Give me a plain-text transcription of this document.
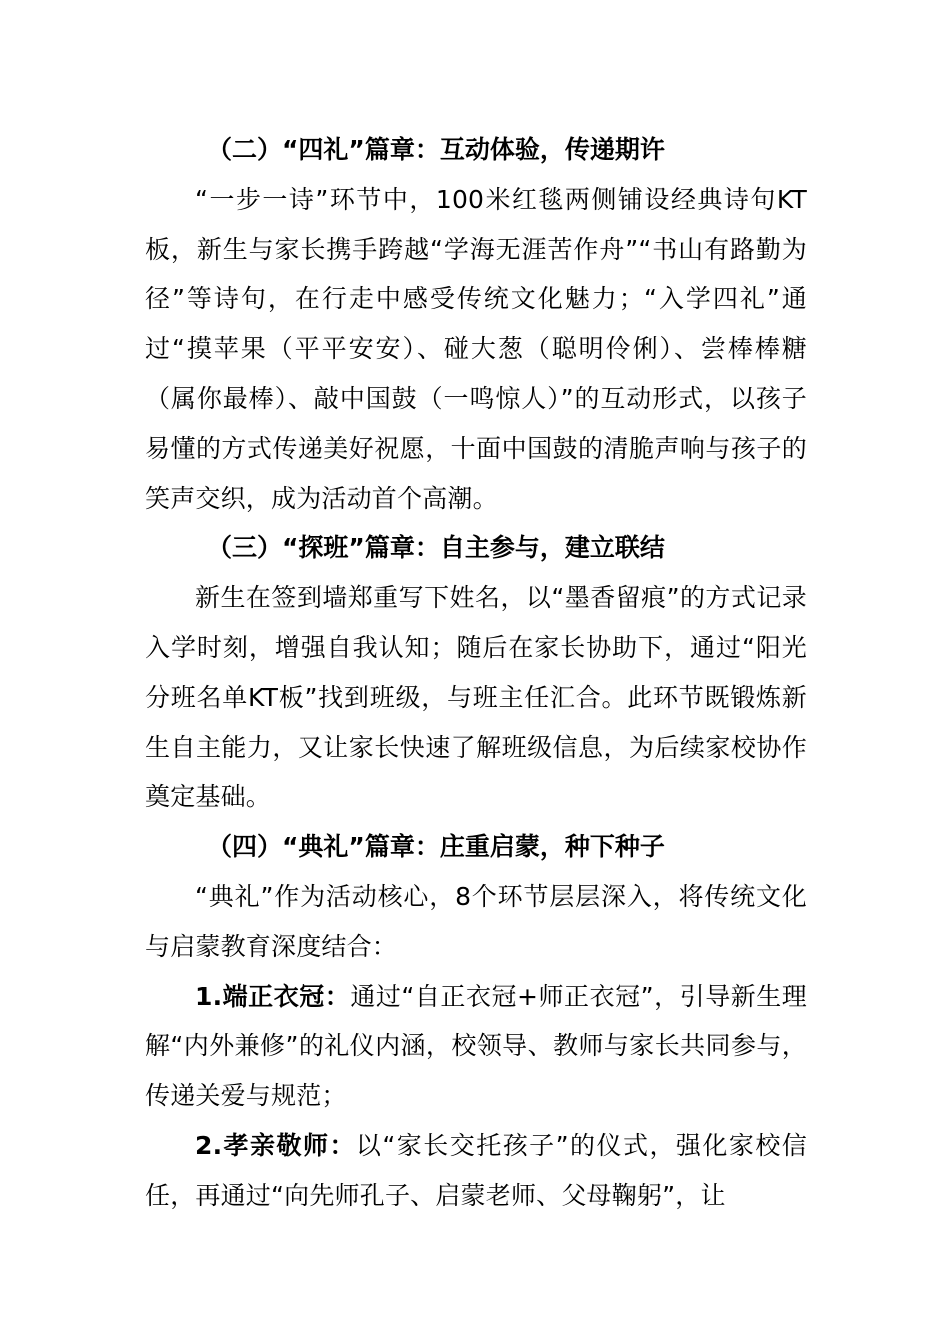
（二）“四礼”篇章：互动体验，传递期许

“一步一诗”环节中，100米红毯两侧铺设经典诗句KT板，新生与家长携手跨越“学海无涯苦作舟”“书山有路勤为径”等诗句，在行走中感受传统文化魅力；“入学四礼”通过“摸苹果（平平安安）、碰大葱（聪明伶俐）、尝棒棒糖（属你最棒）、敲中国鼓（一鸣惊人）”的互动形式，以孩子易懂的方式传递美好祝愿，十面中国鼓的清脆声响与孩子的笑声交织，成为活动首个高潮。

（三）“探班”篇章：自主参与，建立联结

新生在签到墙郑重写下姓名，以“墨香留痕”的方式记录入学时刻，增强自我认知；随后在家长协助下，通过“阳光分班名单KT板”找到班级，与班主任汇合。此环节既锻炼新生自主能力，又让家长快速了解班级信息，为后续家校协作奠定基础。

（四）“典礼”篇章：庄重启蒙，种下种子

“典礼”作为活动核心，8个环节层层深入，将传统文化与启蒙教育深度结合：

1.端正衣冠：通过“自正衣冠+师正衣冠”，引导新生理解“内外兼修”的礼仪内涵，校领导、教师与家长共同参与，传递关爱与规范；

2.孝亲敬师：以“家长交托孩子”的仪式，强化家校信任，再通过“向先师孔子、启蒙老师、父母鞠躬”，让
